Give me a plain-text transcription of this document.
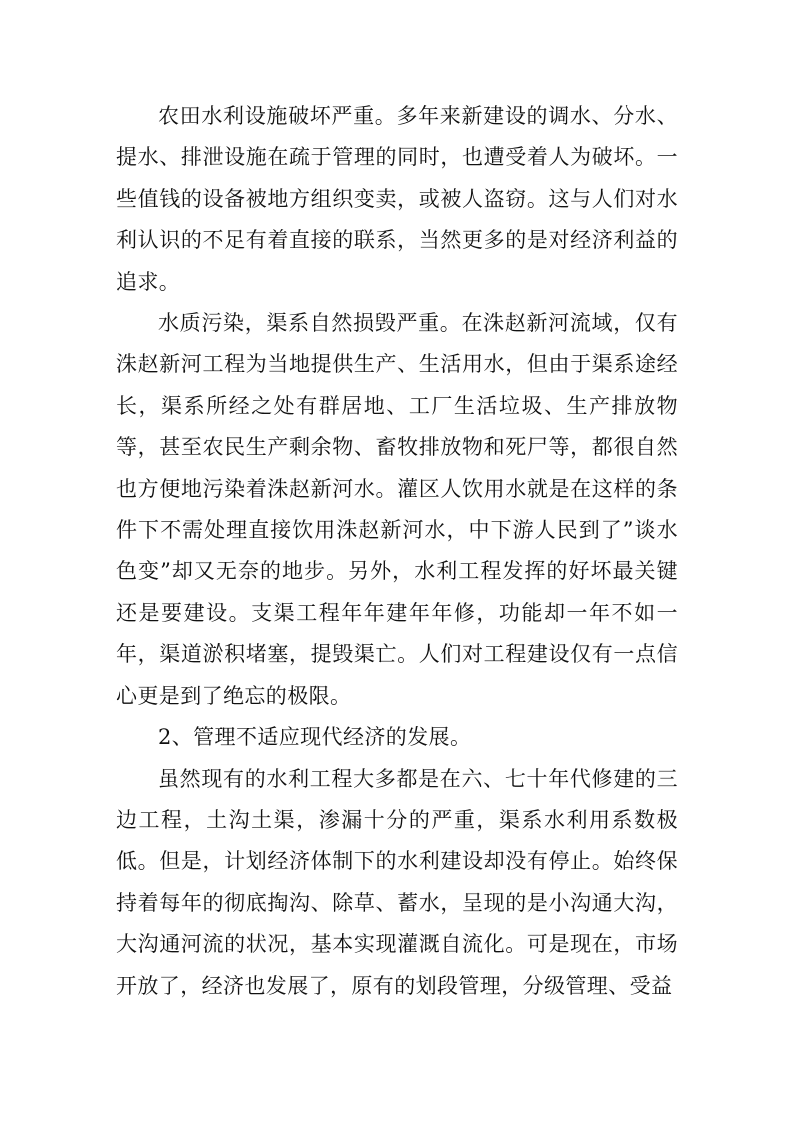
农田水利设施破坏严重。多年来新建设的调水、分水、提水、排泄设施在疏于管理的同时，也遭受着人为破坏。一些值钱的设备被地方组织变卖，或被人盗窃。这与人们对水利认识的不足有着直接的联系，当然更多的是对经济利益的追求。

水质污染，渠系自然损毁严重。在洙赵新河流域，仅有洙赵新河工程为当地提供生产、生活用水，但由于渠系途经长，渠系所经之处有群居地、工厂生活垃圾、生产排放物等，甚至农民生产剩余物、畜牧排放物和死尸等，都很自然也方便地污染着洙赵新河水。灌区人饮用水就是在这样的条件下不需处理直接饮用洙赵新河水，中下游人民到了”谈水色变”却又无奈的地步。另外，水利工程发挥的好坏最关键还是要建设。支渠工程年年建年年修，功能却一年不如一年，渠道淤积堵塞，提毁渠亡。人们对工程建设仅有一点信心更是到了绝忘的极限。

2、管理不适应现代经济的发展。

虽然现有的水利工程大多都是在六、七十年代修建的三边工程，土沟土渠，渗漏十分的严重，渠系水利用系数极低。但是，计划经济体制下的水利建设却没有停止。始终保持着每年的彻底掏沟、除草、蓄水，呈现的是小沟通大沟，大沟通河流的状况，基本实现灌溉自流化。可是现在，市场开放了，经济也发展了，原有的划段管理，分级管理、受益
